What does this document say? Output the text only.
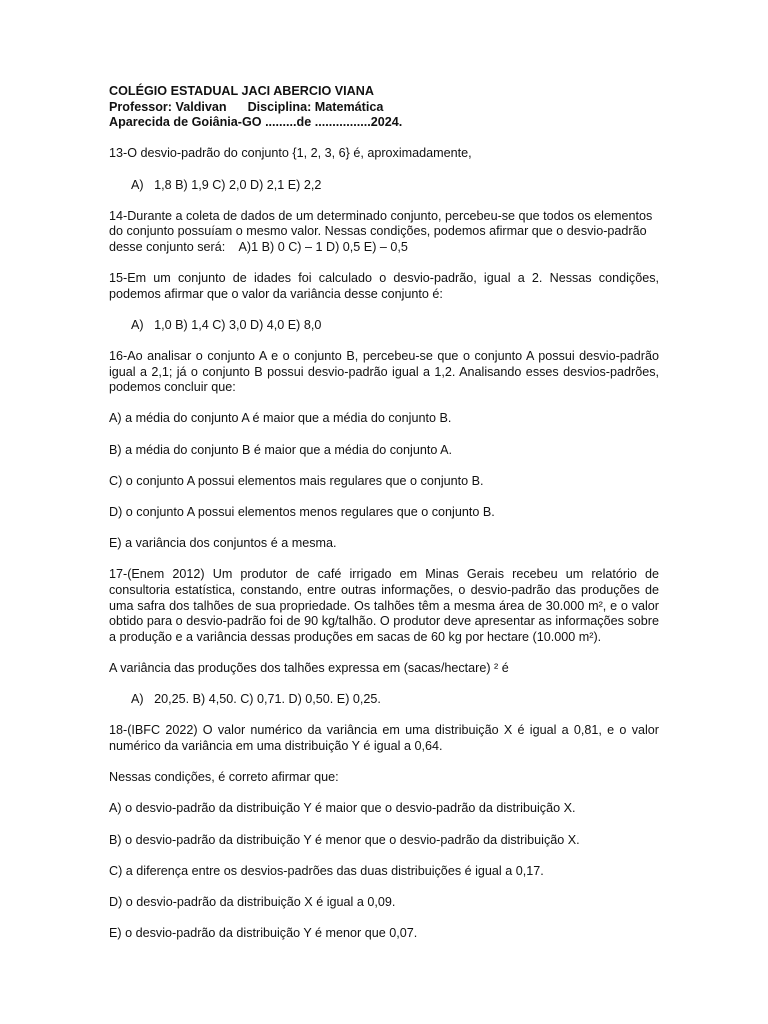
COLÉGIO ESTADUAL JACI ABERCIO VIANA
Professor: Valdivan      Disciplina: Matemática
Aparecida de Goiânia-GO .........de ................2024.

13-O desvio-padrão do conjunto {1, 2, 3, 6} é, aproximadamente,

A)   1,8 B) 1,9 C) 2,0 D) 2,1 E) 2,2

14-Durante a coleta de dados de um determinado conjunto, percebeu-se que todos os elementos

do conjunto possuíam o mesmo valor. Nessas condições, podemos afirmar que o desvio-padrão

desse conjunto será:    A)1 B) 0 C) – 1 D) 0,5 E) – 0,5

15-Em um conjunto de idades foi calculado o desvio-padrão, igual a 2. Nessas condições, podemos afirmar que o valor da variância desse conjunto é:

A)   1,0 B) 1,4 C) 3,0 D) 4,0 E) 8,0

16-Ao analisar o conjunto A e o conjunto B, percebeu-se que o conjunto A possui desvio-padrão igual a 2,1; já o conjunto B possui desvio-padrão igual a 1,2. Analisando esses desvios-padrões, podemos concluir que:

A) a média do conjunto A é maior que a média do conjunto B.

B) a média do conjunto B é maior que a média do conjunto A.

C) o conjunto A possui elementos mais regulares que o conjunto B.

D) o conjunto A possui elementos menos regulares que o conjunto B.

E) a variância dos conjuntos é a mesma.

17-(Enem 2012) Um produtor de café irrigado em Minas Gerais recebeu um relatório de consultoria estatística, constando, entre outras informações, o desvio-padrão das produções de uma safra dos talhões de sua propriedade. Os talhões têm a mesma área de 30.000 m², e o valor obtido para o desvio-padrão foi de 90 kg/talhão. O produtor deve apresentar as informações sobre a produção e a variância dessas produções em sacas de 60 kg por hectare (10.000 m²).

A variância das produções dos talhões expressa em (sacas/hectare) ² é

A)   20,25. B) 4,50. C) 0,71. D) 0,50. E) 0,25.

18-(IBFC 2022) O valor numérico da variância em uma distribuição X é igual a 0,81, e o valor numérico da variância em uma distribuição Y é igual a 0,64.

Nessas condições, é correto afirmar que:

A) o desvio-padrão da distribuição Y é maior que o desvio-padrão da distribuição X.

B) o desvio-padrão da distribuição Y é menor que o desvio-padrão da distribuição X.

C) a diferença entre os desvios-padrões das duas distribuições é igual a 0,17.

D) o desvio-padrão da distribuição X é igual a 0,09.

E) o desvio-padrão da distribuição Y é menor que 0,07.
